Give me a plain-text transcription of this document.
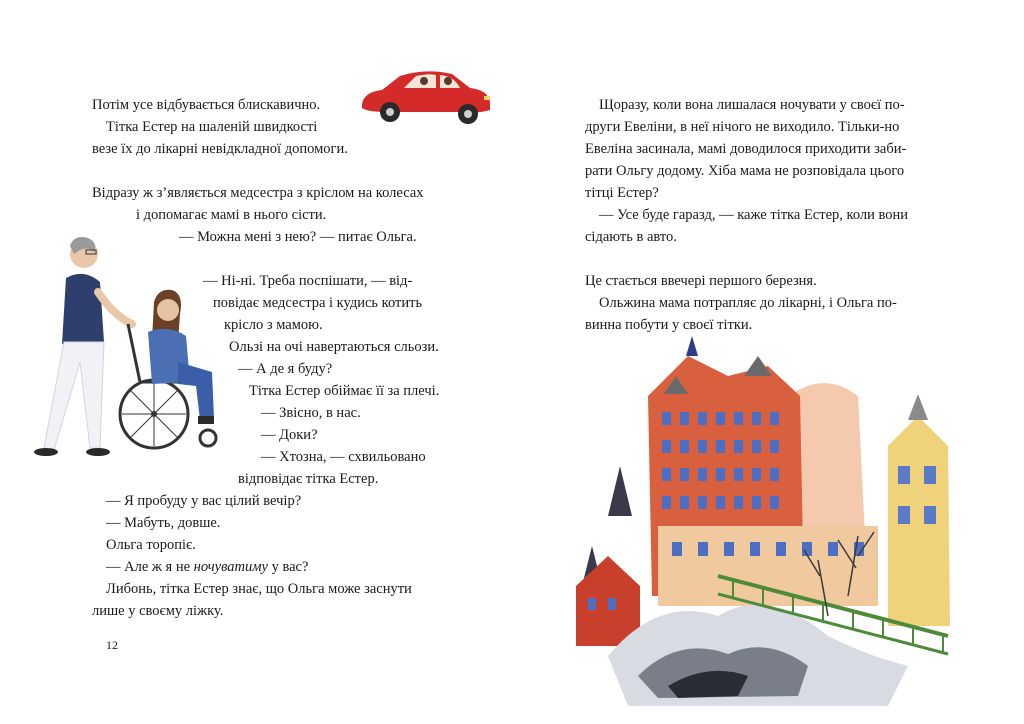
Потім усе відбувається блискавично.
Тітка Естер на шаленій швидкості
везе їх до лікарні невідкладної допомоги.
Відразу ж з’являється медсестра з кріслом на колесах
і допомагає мамі в нього сісти.
— Можна мені з нею? — питає Ольга.
— Ні-ні. Треба поспішати, — від-
повідає медсестра і кудись котить
крісло з мамою.
Ользі на очі навертаються сльози.
— А де я буду?
Тітка Естер обіймає її за плечі.
— Звісно, в нас.
— Доки?
— Хтозна, — схвильовано
відповідає тітка Естер.
— Я пробуду у вас цілий вечір?
— Мабуть, довше.
Ольга торопіє.
— Але ж я не ночуватиму у вас?
Либонь, тітка Естер знає, що Ольга може заснути
лише у своєму ліжку.
12
Щоразу, коли вона лишалася ночувати у своєї по-
други Евеліни, в неї нічого не виходило. Тільки-но
Евеліна засинала, мамі доводилося приходити заби-
рати Ольгу додому. Хіба мама не розповідала цього
тітці Естер?
— Усе буде гаразд, — каже тітка Естер, коли вони
сідають в авто.
Це стається ввечері першого березня.
Ольжина мама потрапляє до лікарні, і Ольга по-
винна побути у своєї тітки.
